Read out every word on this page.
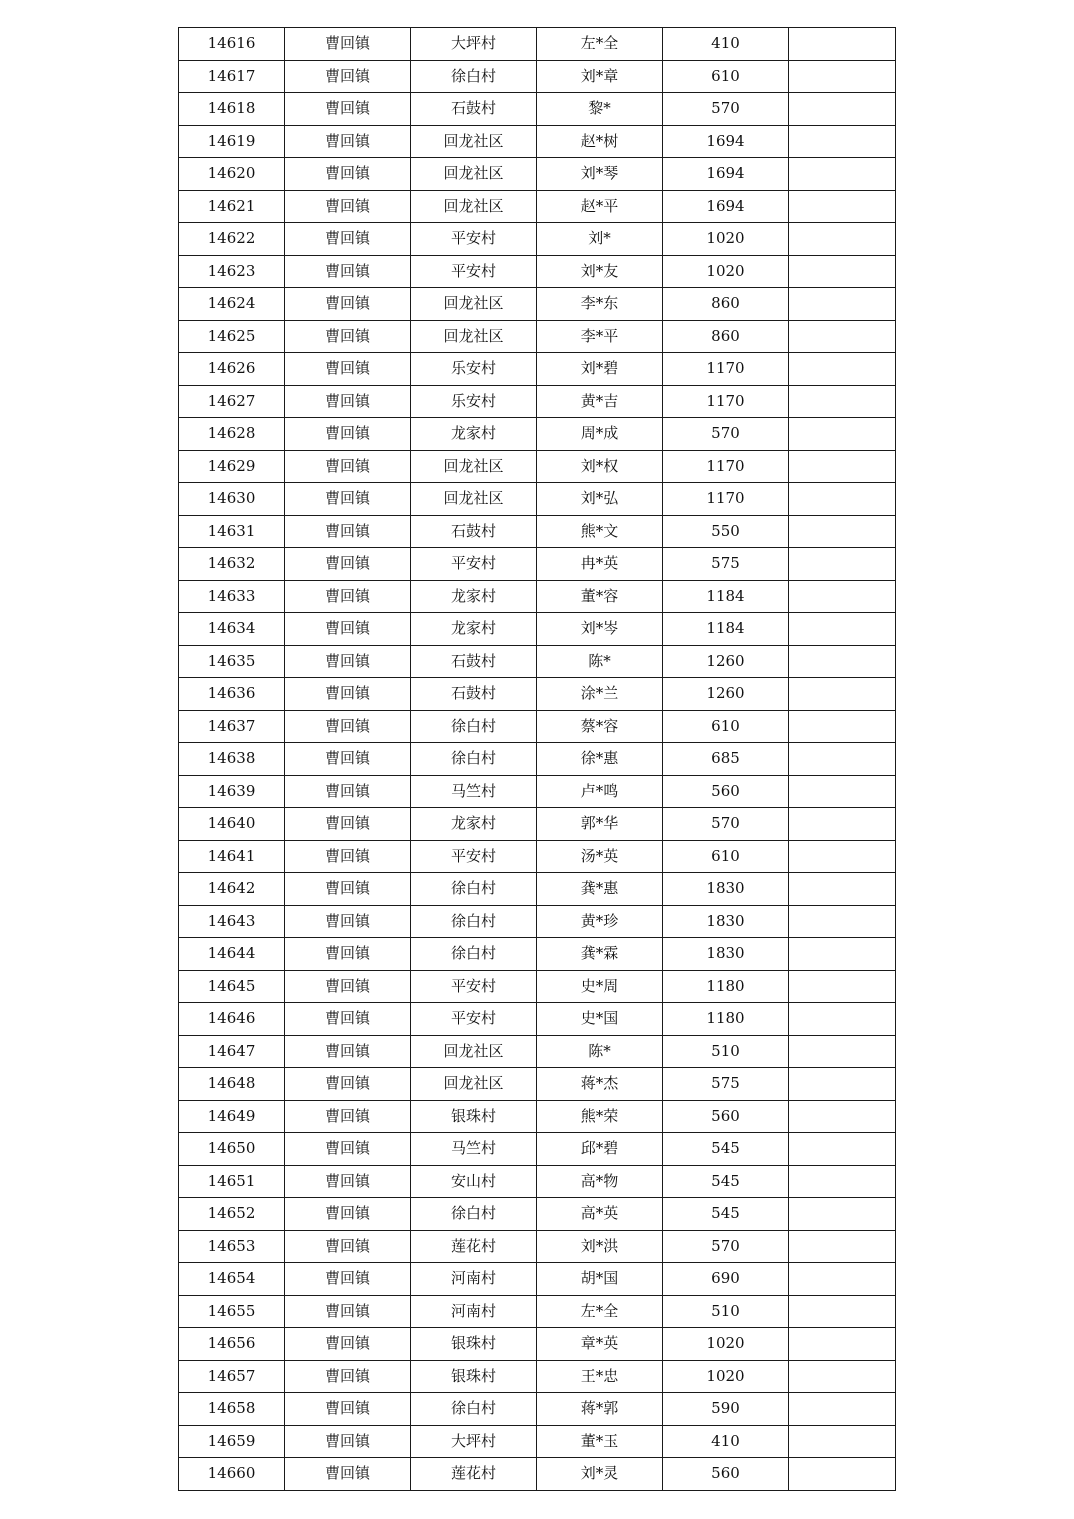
14616	曹回镇	大坪村	左*全	410	
14617	曹回镇	徐白村	刘*章	610	
14618	曹回镇	石鼓村	黎*	570	
14619	曹回镇	回龙社区	赵*树	1694	
14620	曹回镇	回龙社区	刘*琴	1694	
14621	曹回镇	回龙社区	赵*平	1694	
14622	曹回镇	平安村	刘*	1020	
14623	曹回镇	平安村	刘*友	1020	
14624	曹回镇	回龙社区	李*东	860	
14625	曹回镇	回龙社区	李*平	860	
14626	曹回镇	乐安村	刘*碧	1170	
14627	曹回镇	乐安村	黄*吉	1170	
14628	曹回镇	龙家村	周*成	570	
14629	曹回镇	回龙社区	刘*权	1170	
14630	曹回镇	回龙社区	刘*弘	1170	
14631	曹回镇	石鼓村	熊*文	550	
14632	曹回镇	平安村	冉*英	575	
14633	曹回镇	龙家村	董*容	1184	
14634	曹回镇	龙家村	刘*岑	1184	
14635	曹回镇	石鼓村	陈*	1260	
14636	曹回镇	石鼓村	涂*兰	1260	
14637	曹回镇	徐白村	蔡*容	610	
14638	曹回镇	徐白村	徐*惠	685	
14639	曹回镇	马竺村	卢*鸣	560	
14640	曹回镇	龙家村	郭*华	570	
14641	曹回镇	平安村	汤*英	610	
14642	曹回镇	徐白村	龚*惠	1830	
14643	曹回镇	徐白村	黄*珍	1830	
14644	曹回镇	徐白村	龚*霖	1830	
14645	曹回镇	平安村	史*周	1180	
14646	曹回镇	平安村	史*国	1180	
14647	曹回镇	回龙社区	陈*	510	
14648	曹回镇	回龙社区	蒋*杰	575	
14649	曹回镇	银珠村	熊*荣	560	
14650	曹回镇	马竺村	邱*碧	545	
14651	曹回镇	安山村	高*物	545	
14652	曹回镇	徐白村	高*英	545	
14653	曹回镇	莲花村	刘*洪	570	
14654	曹回镇	河南村	胡*国	690	
14655	曹回镇	河南村	左*全	510	
14656	曹回镇	银珠村	章*英	1020	
14657	曹回镇	银珠村	王*忠	1020	
14658	曹回镇	徐白村	蒋*郭	590	
14659	曹回镇	大坪村	董*玉	410	
14660	曹回镇	莲花村	刘*灵	560	
